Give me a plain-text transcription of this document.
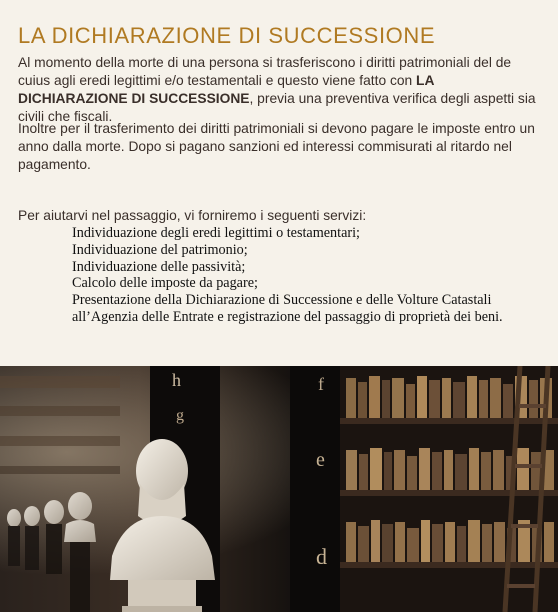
LA DICHIARAZIONE DI SUCCESSIONE

Al momento della morte di una persona si trasferiscono i diritti patrimoniali del de cuius agli eredi legittimi e/o testamentali e questo viene fatto con LA DICHIARAZIONE DI SUCCESSIONE, previa una preventiva verifica degli aspetti sia civili che fiscali.

Inoltre per il trasferimento dei diritti patrimoniali si devono pagare le imposte entro un anno dalla morte. Dopo si pagano sanzioni ed interessi commisurati al ritardo nel pagamento.

Per aiutarvi nel passaggio, vi forniremo i seguenti servizi:

Individuazione degli eredi legittimi o testamentari;
Individuazione del patrimonio;
Individuazione delle passività;
Calcolo delle imposte da pagare;
Presentazione della Dichiarazione di Successione e delle Volture Catastali all’Agenzia delle Entrate e registrazione del passaggio di proprietà dei beni.
h
g
f
e
d
